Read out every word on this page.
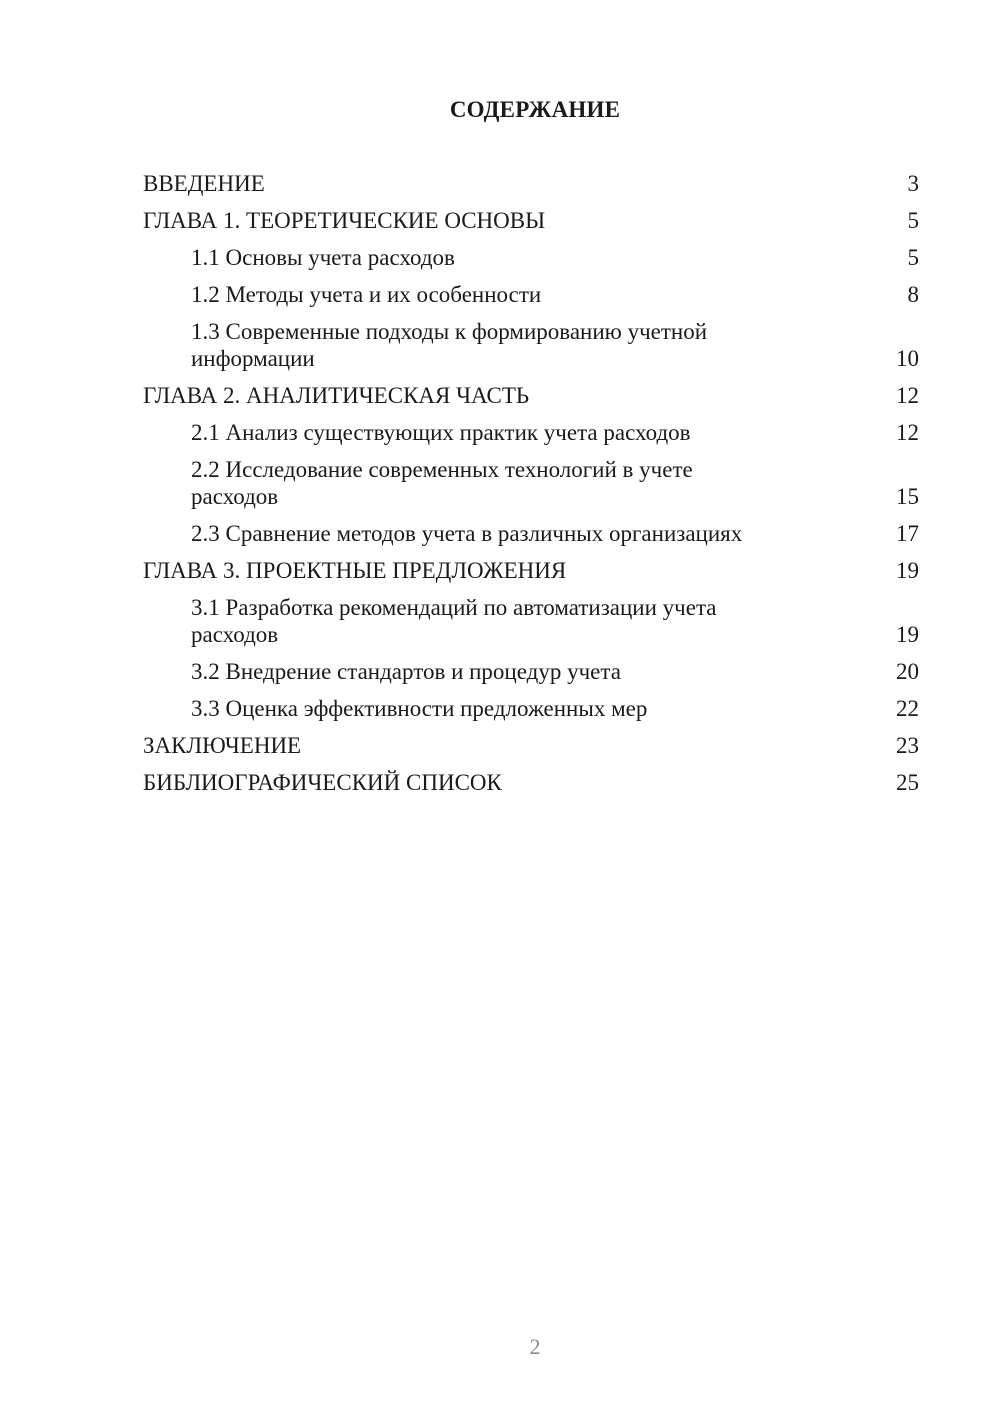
СОДЕРЖАНИЕ
ВВЕДЕНИЕ	3
ГЛАВА 1. ТЕОРЕТИЧЕСКИЕ ОСНОВЫ	5
1.1 Основы учета расходов	5
1.2 Методы учета и их особенности	8
1.3 Современные подходы к формированию учетной
информации	10
ГЛАВА 2. АНАЛИТИЧЕСКАЯ ЧАСТЬ	12
2.1 Анализ существующих практик учета расходов	12
2.2 Исследование современных технологий в учете
расходов	15
2.3 Сравнение методов учета в различных организациях	17
ГЛАВА 3. ПРОЕКТНЫЕ ПРЕДЛОЖЕНИЯ	19
3.1 Разработка рекомендаций по автоматизации учета
расходов	19
3.2 Внедрение стандартов и процедур учета	20
3.3 Оценка эффективности предложенных мер	22
ЗАКЛЮЧЕНИЕ	23
БИБЛИОГРАФИЧЕСКИЙ СПИСОК	25
2
